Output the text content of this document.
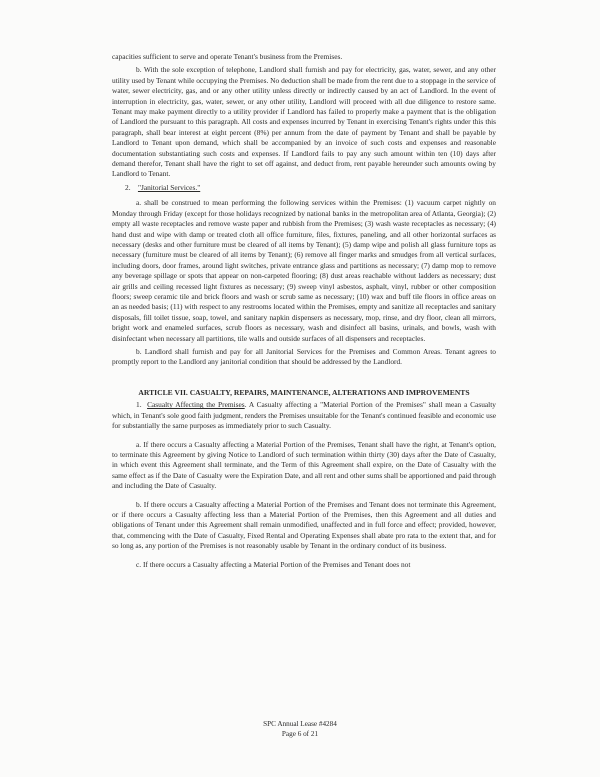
capacities sufficient to serve and operate Tenant's business from the Premises.

b. With the sole exception of telephone, Landlord shall furnish and pay for electricity, gas, water, sewer, and any other utility used by Tenant while occupying the Premises. No deduction shall be made from the rent due to a stoppage in the service of water, sewer electricity, gas, and or any other utility unless directly or indirectly caused by an act of Landlord. In the event of interruption in electricity, gas, water, sewer, or any other utility, Landlord will proceed with all due diligence to restore same. Tenant may make payment directly to a utility provider if Landlord has failed to properly make a payment that is the obligation of Landlord the pursuant to this paragraph. All costs and expenses incurred by Tenant in exercising Tenant's rights under this this paragraph, shall bear interest at eight percent (8%) per annum from the date of payment by Tenant and shall be payable by Landlord to Tenant upon demand, which shall be accompanied by an invoice of such costs and expenses and reasonable documentation substantiating such costs and expenses. If Landlord fails to pay any such amount within ten (10) days after demand therefor, Tenant shall have the right to set off against, and deduct from, rent payable hereunder such amounts owing by Landlord to Tenant.

2. "Janitorial Services."

a. shall be construed to mean performing the following services within the Premises: (1) vacuum carpet nightly on Monday through Friday (except for those holidays recognized by national banks in the metropolitan area of Atlanta, Georgia); (2) empty all waste receptacles and remove waste paper and rubbish from the Premises; (3) wash waste receptacles as necessary; (4) hand dust and wipe with damp or treated cloth all office furniture, files, fixtures, paneling, and all other horizontal surfaces as necessary (desks and other furniture must be cleared of all items by Tenant); (5) damp wipe and polish all glass furniture tops as necessary (furniture must be cleared of all items by Tenant); (6) remove all finger marks and smudges from all vertical surfaces, including doors, door frames, around light switches, private entrance glass and partitions as necessary; (7) damp mop to remove any beverage spillage or spots that appear on non-carpeted flooring; (8) dust areas reachable without ladders as necessary; dust air grills and ceiling recessed light fixtures as necessary; (9) sweep vinyl asbestos, asphalt, vinyl, rubber or other composition floors; sweep ceramic tile and brick floors and wash or scrub same as necessary; (10) wax and buff tile floors in office areas on an as needed basis; (11) with respect to any restrooms located within the Premises, empty and sanitize all receptacles and sanitary disposals, fill toilet tissue, soap, towel, and sanitary napkin dispensers as necessary, mop, rinse, and dry floor, clean all mirrors, bright work and enameled surfaces, scrub floors as necessary, wash and disinfect all basins, urinals, and bowls, wash with disinfectant when necessary all partitions, tile walls and outside surfaces of all dispensers and receptacles.

b. Landlord shall furnish and pay for all Janitorial Services for the Premises and Common Areas. Tenant agrees to promptly report to the Landlord any janitorial condition that should be addressed by the Landlord.

ARTICLE VII. CASUALTY, REPAIRS, MAINTENANCE, ALTERATIONS AND IMPROVEMENTS

1. Casualty Affecting the Premises. A Casualty affecting a "Material Portion of the Premises" shall mean a Casualty which, in Tenant's sole good faith judgment, renders the Premises unsuitable for the Tenant's continued feasible and economic use for substantially the same purposes as immediately prior to such Casualty.

a. If there occurs a Casualty affecting a Material Portion of the Premises, Tenant shall have the right, at Tenant's option, to terminate this Agreement by giving Notice to Landlord of such termination within thirty (30) days after the Date of Casualty, in which event this Agreement shall terminate, and the Term of this Agreement shall expire, on the Date of Casualty with the same effect as if the Date of Casualty were the Expiration Date, and all rent and other sums shall be apportioned and paid through and including the Date of Casualty.

b. If there occurs a Casualty affecting a Material Portion of the Premises and Tenant does not terminate this Agreement, or if there occurs a Casualty affecting less than a Material Portion of the Premises, then this Agreement and all duties and obligations of Tenant under this Agreement shall remain unmodified, unaffected and in full force and effect; provided, however, that, commencing with the Date of Casualty, Fixed Rental and Operating Expenses shall abate pro rata to the extent that, and for so long as, any portion of the Premises is not reasonably usable by Tenant in the ordinary conduct of its business.

c. If there occurs a Casualty affecting a Material Portion of the Premises and Tenant does not

SPC Annual Lease #4284
Page 6 of 21
